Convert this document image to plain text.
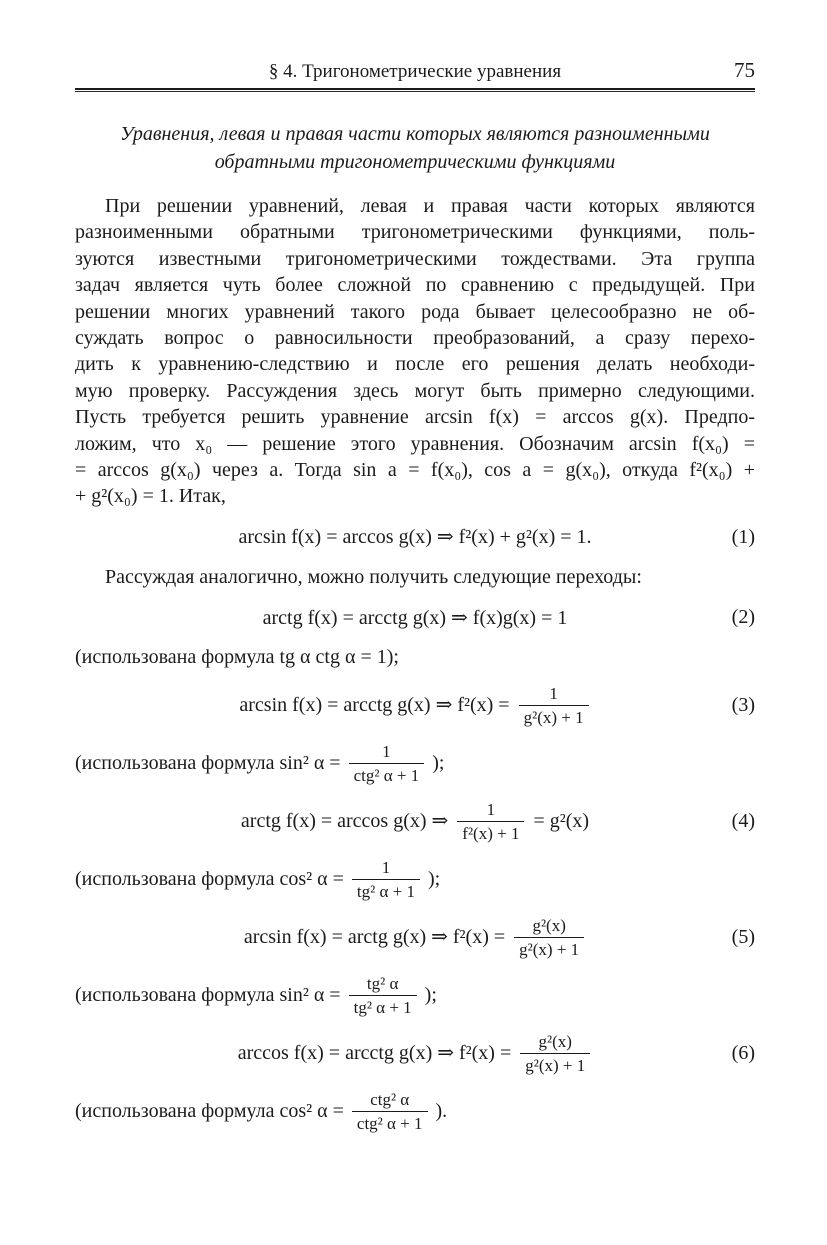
§ 4. Тригонометрические уравнения	75
Уравнения, левая и правая части которых являются разноименными
обратными тригонометрическими функциями
При решении уравнений, левая и правая части которых являются
разноименными обратными тригонометрическими функциями, поль-
зуются известными тригонометрическими тождествами. Эта группа
задач является чуть более сложной по сравнению с предыдущей. При
решении многих уравнений такого рода бывает целесообразно не об-
суждать вопрос о равносильности преобразований, а сразу перехо-
дить к уравнению-следствию и после его решения делать необходи-
мую проверку. Рассуждения здесь могут быть примерно следующими.
Пусть требуется решить уравнение arcsin f(x) = arccos g(x). Предпо-
ложим, что x₀ — решение этого уравнения. Обозначим arcsin f(x₀) =
= arccos g(x₀) через a. Тогда sin a = f(x₀), cos a = g(x₀), откуда f²(x₀) +
+ g²(x₀) = 1. Итак,
arcsin f(x) = arccos g(x) ⇒ f²(x) + g²(x) = 1.	(1)

Рассуждая аналогично, можно получить следующие переходы:

arctg f(x) = arcctg g(x) ⇒ f(x)g(x) = 1	(2)
(использована формула tg α ctg α = 1);
arcsin f(x) = arcctg g(x) ⇒ $f^2(x) = \frac{1}{\text{g²(x) + 1}}$	(3)
(использована формула sin² $\alpha = \frac{1}{\text{ctg² α + 1}}$ );
arctg f(x) = arccos g(x) ⇒ $\frac{1}{\text{f²(x) + 1}} = g^2(x)$	(4)
(использована формула cos² $\alpha = \frac{1}{\text{tg² α + 1}}$ );
arcsin f(x) = arctg g(x) ⇒ $f^2(x) = \frac{\text{g²(x)}}{\text{g²(x) + 1}}$	(5)
(использована формула sin² $\alpha = \frac{\text{tg² α}}{\text{tg² α + 1}}$ );
arccos f(x) = arcctg g(x) ⇒ $f^2(x) = \frac{\text{g²(x)}}{\text{g²(x) + 1}}$	(6)
(использована формула cos² $\alpha = \frac{\text{ctg² α}}{\text{ctg² α + 1}}$ ).
